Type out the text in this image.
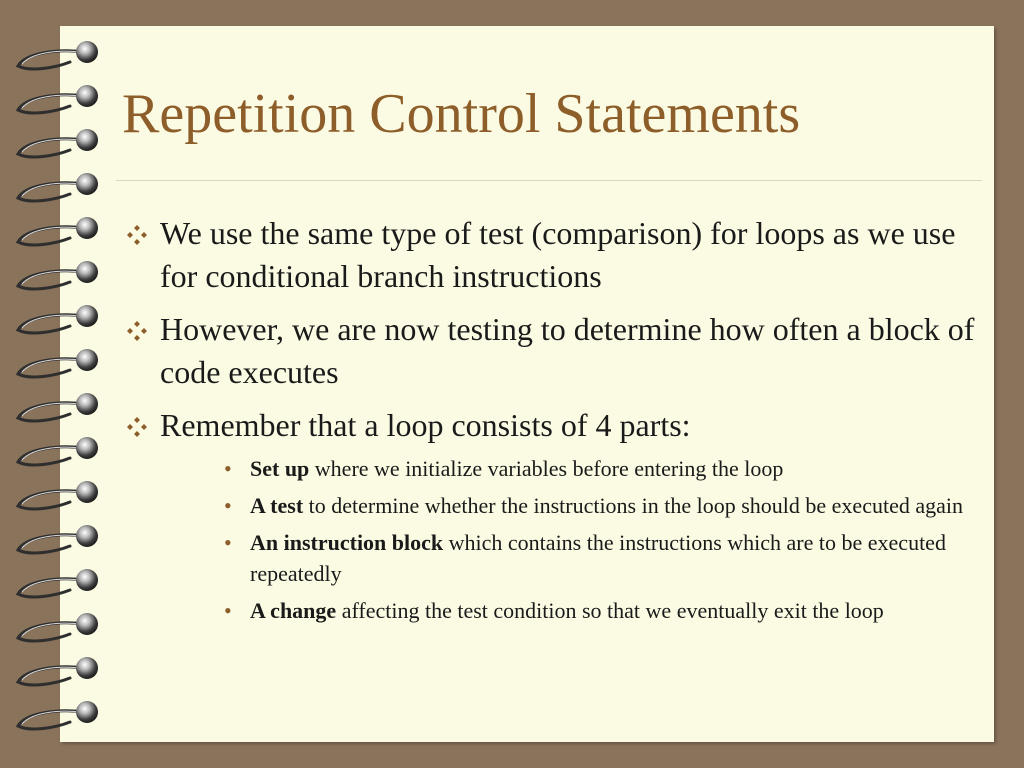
Repetition Control Statements
We use the same type of test (comparison) for loops as we use for conditional branch instructions
However, we are now testing to determine how often a block of code executes
Remember that a loop consists of 4 parts:
• Set up where we initialize variables before entering the loop
• A test to determine whether the instructions in the loop should be executed again
• An instruction block which contains the instructions which are to be executed repeatedly
• A change affecting the test condition so that we eventually exit the loop
